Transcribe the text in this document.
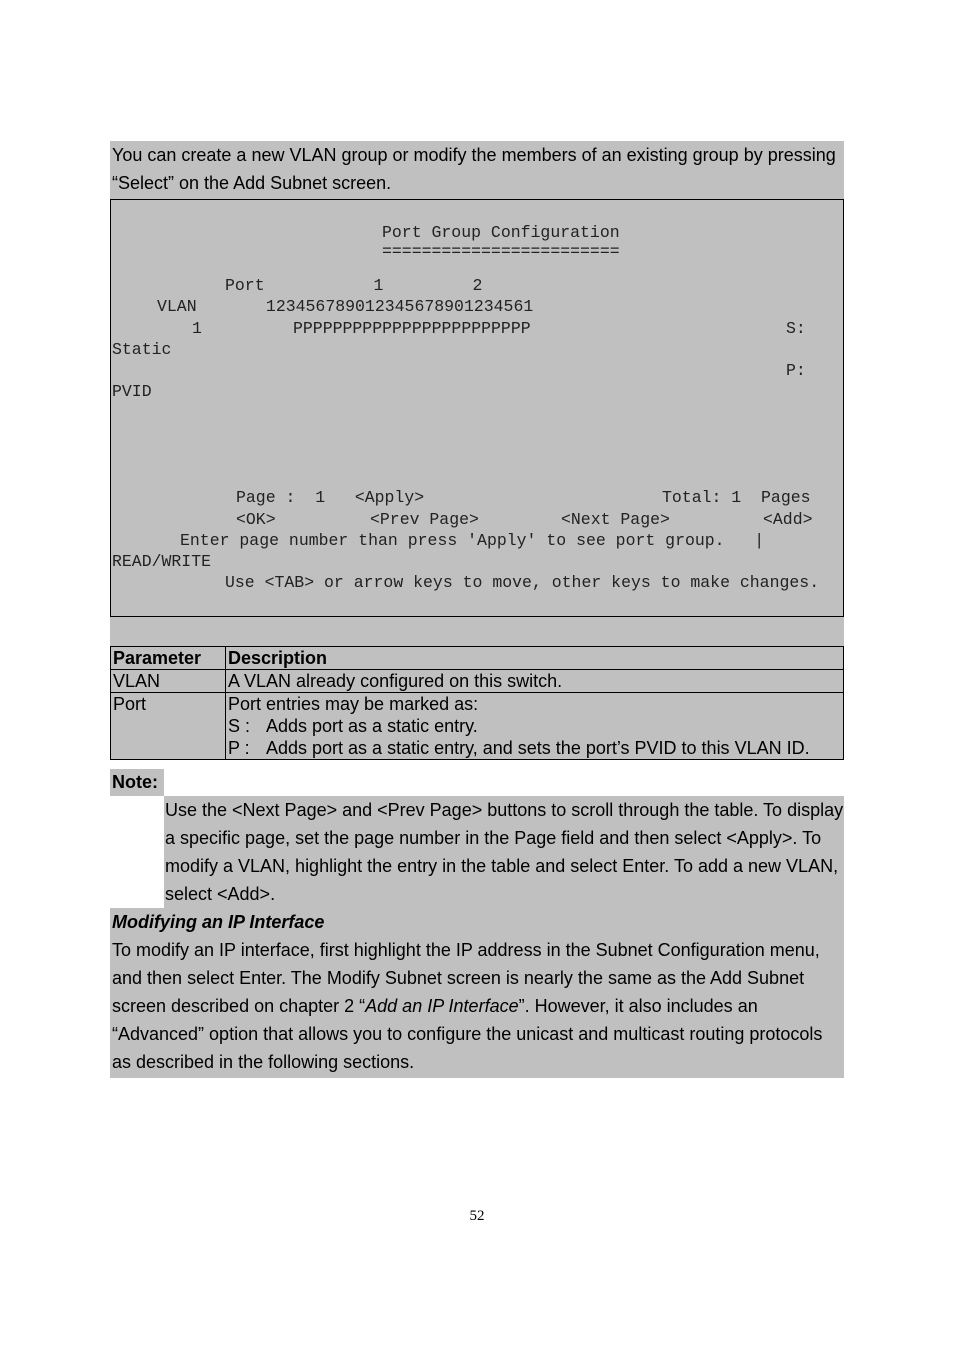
You can create a new VLAN group or modify the members of an existing group by pressing “Select” on the Add Subnet screen.
Port Group Configuration
========================
Port           1         2
VLAN       123456789012345678901234561
1	PPPPPPPPPPPPPPPPPPPPPPPP	S:
Static
P:
PVID
Page :  1   <Apply>	Total: 1  Pages
<OK>	<Prev Page>	<Next Page>	<Add>
Enter page number than press 'Apply' to see port group.   |
READ/WRITE
Use <TAB> or arrow keys to move, other keys to make changes.
Parameter	Description
VLAN	A VLAN already configured on this switch.
Port	Port entries may be marked as:
S : Adds port as a static entry.
P : Adds port as a static entry, and sets the port’s PVID to this VLAN ID.
Note:
Use the <Next Page> and <Prev Page> buttons to scroll through the table. To display a specific page, set the page number in the Page field and then select <Apply>. To modify a VLAN, highlight the entry in the table and select Enter. To add a new VLAN, select <Add>.
Modifying an IP Interface
To modify an IP interface, first highlight the IP address in the Subnet Configuration menu, and then select Enter. The Modify Subnet screen is nearly the same as the Add Subnet screen described on chapter 2 “Add an IP Interface”. However, it also includes an “Advanced” option that allows you to configure the unicast and multicast routing protocols as described in the following sections.
52
